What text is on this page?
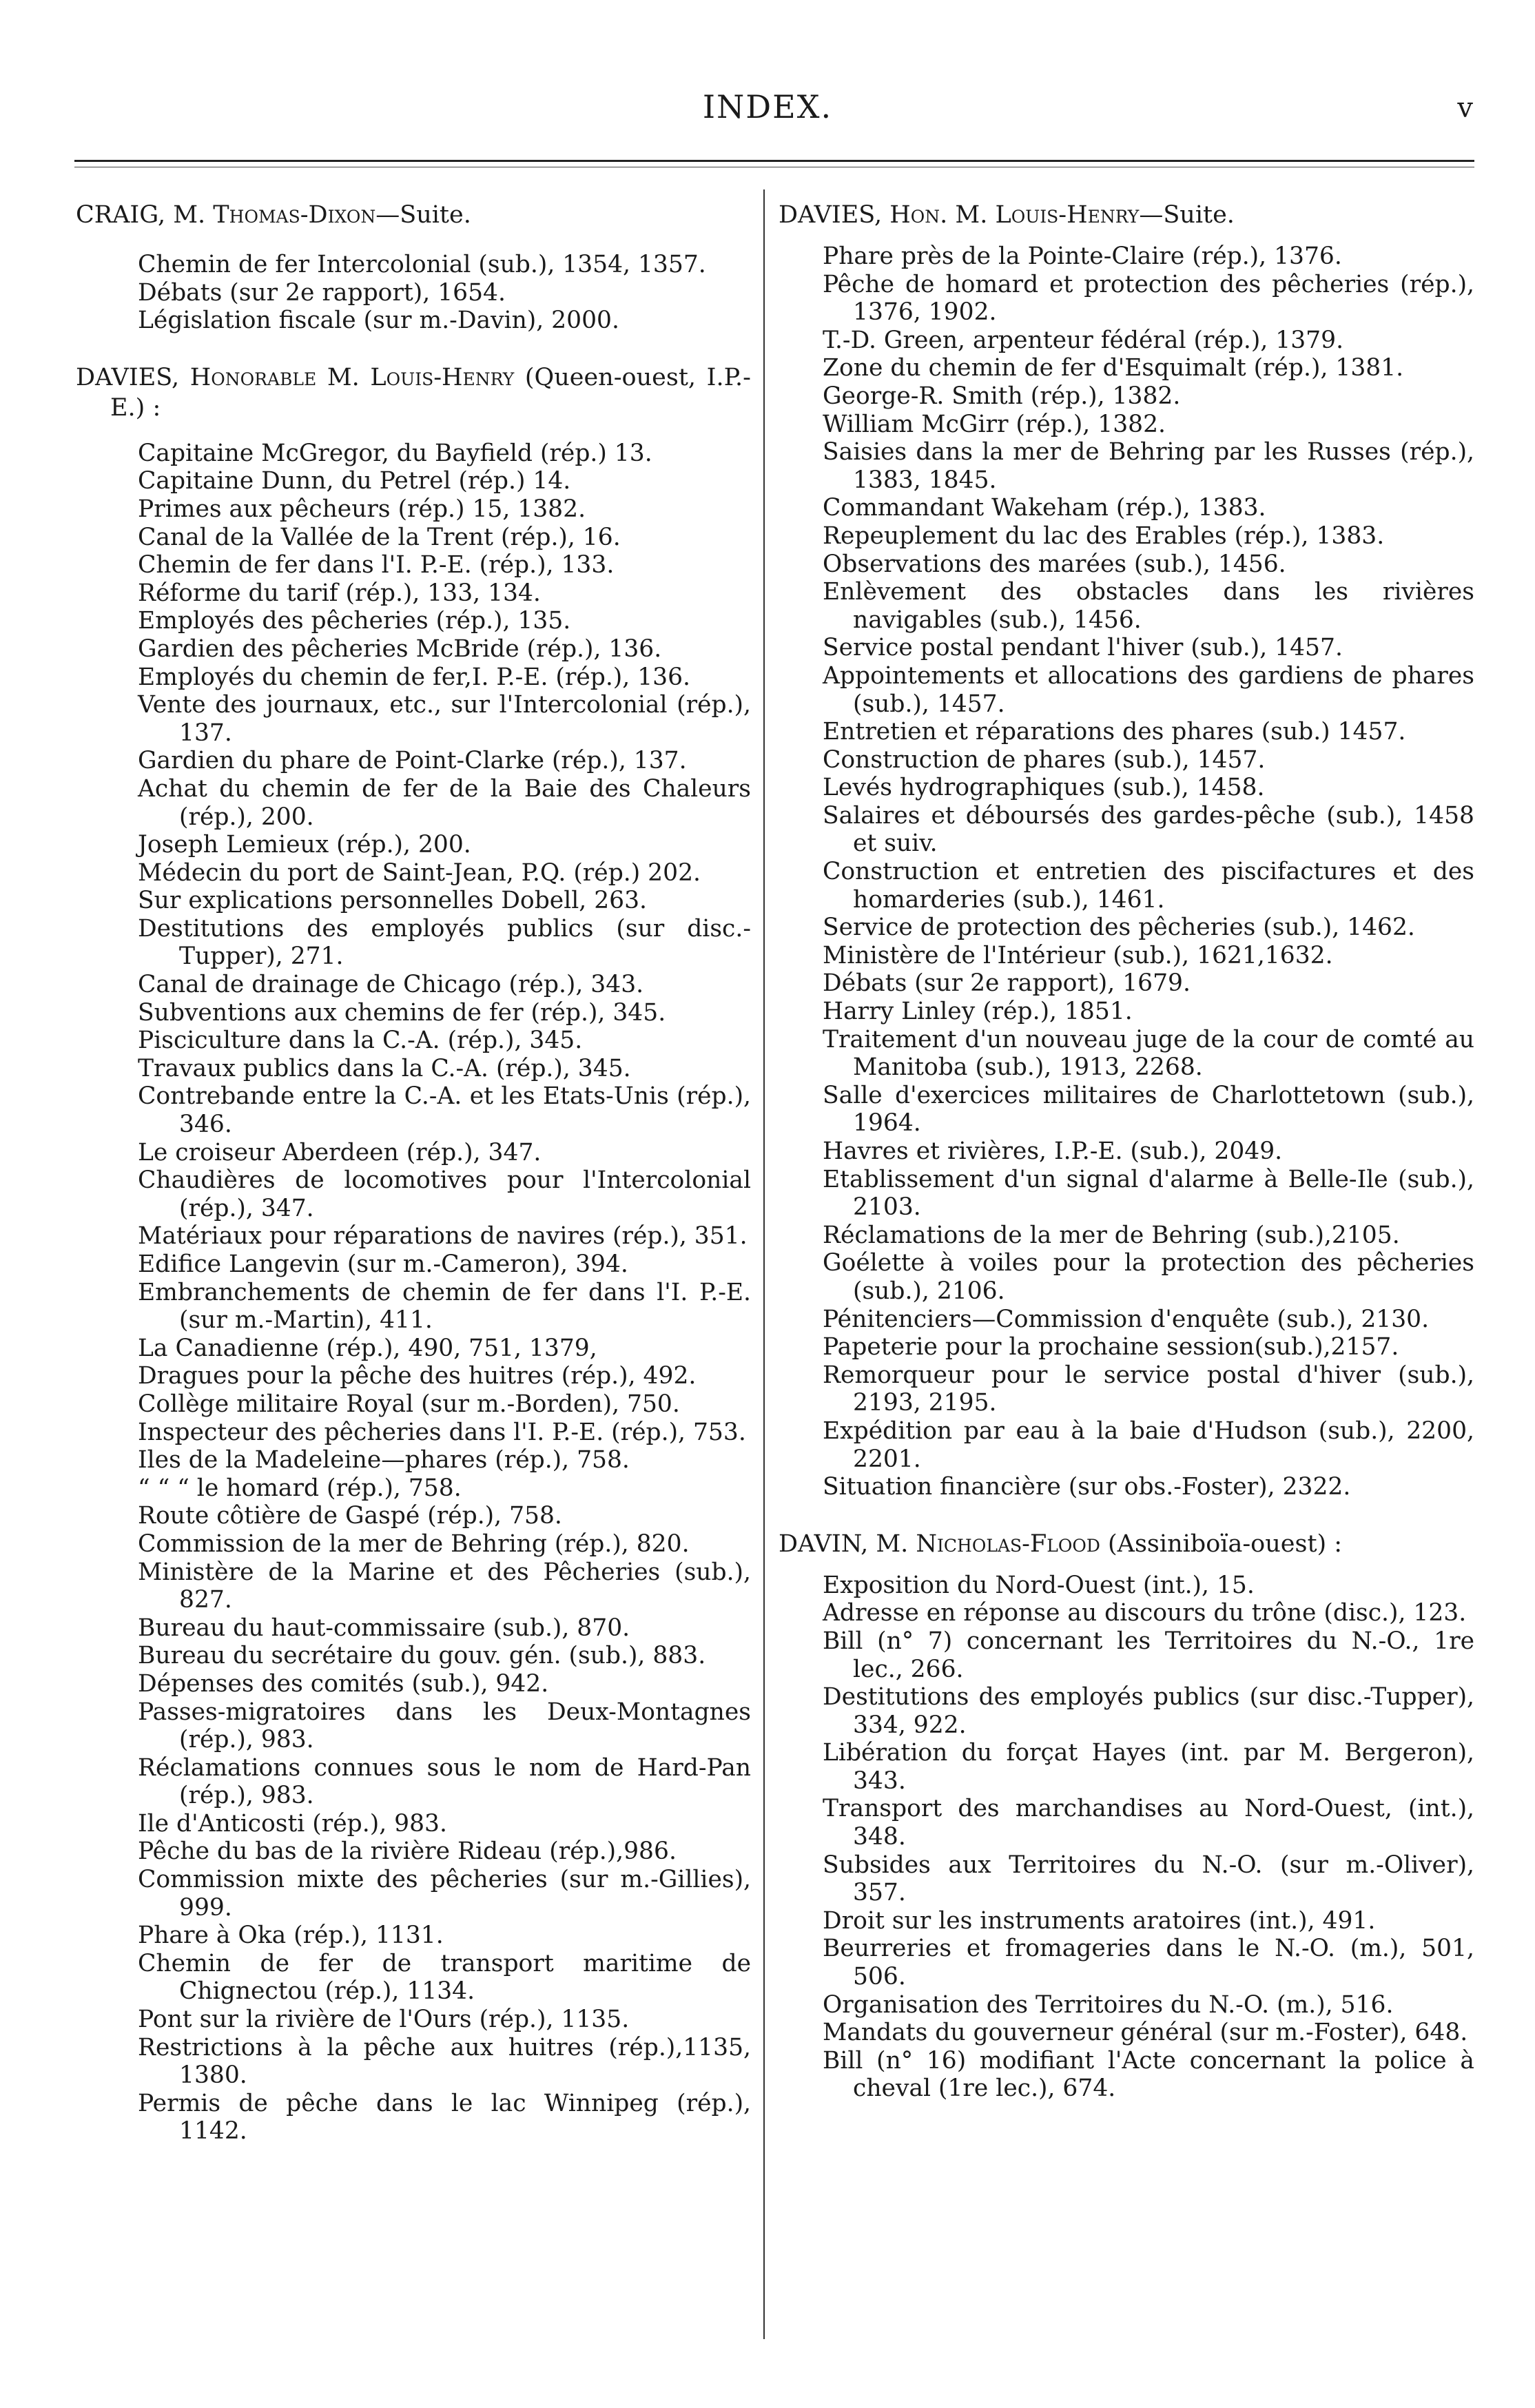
INDEX.	v

CRAIG, M. Thomas-Dixon—Suite.

Chemin de fer Intercolonial (sub.), 1354, 1357.

Débats (sur 2e rapport), 1654.

Législation fiscale (sur m.-Davin), 2000.

DAVIES, Honorable M. Louis-Henry (Queen-ouest, I.P.-E.) :

Capitaine McGregor, du Bayfield (rép.) 13.

Capitaine Dunn, du Petrel (rép.) 14.

Primes aux pêcheurs (rép.) 15, 1382.

Canal de la Vallée de la Trent (rép.), 16.

Chemin de fer dans l'I. P.-E. (rép.), 133.

Réforme du tarif (rép.), 133, 134.

Employés des pêcheries (rép.), 135.

Gardien des pêcheries McBride (rép.), 136.

Employés du chemin de fer,I. P.-E. (rép.), 136.

Vente des journaux, etc., sur l'Intercolonial (rép.), 137.

Gardien du phare de Point-Clarke (rép.), 137.

Achat du chemin de fer de la Baie des Chaleurs (rép.), 200.

Joseph Lemieux (rép.), 200.

Médecin du port de Saint-Jean, P.Q. (rép.) 202.

Sur explications personnelles Dobell, 263.

Destitutions des employés publics (sur disc.-Tupper), 271.

Canal de drainage de Chicago (rép.), 343.

Subventions aux chemins de fer (rép.), 345.

Pisciculture dans la C.-A. (rép.), 345.

Travaux publics dans la C.-A. (rép.), 345.

Contrebande entre la C.-A. et les Etats-Unis (rép.), 346.

Le croiseur Aberdeen (rép.), 347.

Chaudières de locomotives pour l'Intercolonial (rép.), 347.

Matériaux pour réparations de navires (rép.), 351.

Edifice Langevin (sur m.-Cameron), 394.

Embranchements de chemin de fer dans l'I. P.-E. (sur m.-Martin), 411.

La Canadienne (rép.), 490, 751, 1379,

Dragues pour la pêche des huitres (rép.), 492.

Collège militaire Royal (sur m.-Borden), 750.

Inspecteur des pêcheries dans l'I. P.-E. (rép.), 753.

Iles de la Madeleine—phares (rép.), 758.

“ “ “ le homard (rép.), 758.

Route côtière de Gaspé (rép.), 758.

Commission de la mer de Behring (rép.), 820.

Ministère de la Marine et des Pêcheries (sub.), 827.

Bureau du haut-commissaire (sub.), 870.

Bureau du secrétaire du gouv. gén. (sub.), 883.

Dépenses des comités (sub.), 942.

Passes-migratoires dans les Deux-Montagnes (rép.), 983.

Réclamations connues sous le nom de Hard-Pan (rép.), 983.

Ile d'Anticosti (rép.), 983.

Pêche du bas de la rivière Rideau (rép.),986.

Commission mixte des pêcheries (sur m.-Gillies), 999.

Phare à Oka (rép.), 1131.

Chemin de fer de transport maritime de Chignectou (rép.), 1134.

Pont sur la rivière de l'Ours (rép.), 1135.

Restrictions à la pêche aux huitres (rép.),1135, 1380.

Permis de pêche dans le lac Winnipeg (rép.), 1142.

DAVIES, Hon. M. Louis-Henry—Suite.

Phare près de la Pointe-Claire (rép.), 1376.

Pêche de homard et protection des pêcheries (rép.), 1376, 1902.

T.-D. Green, arpenteur fédéral (rép.), 1379.

Zone du chemin de fer d'Esquimalt (rép.), 1381.

George-R. Smith (rép.), 1382.

William McGirr (rép.), 1382.

Saisies dans la mer de Behring par les Russes (rép.), 1383, 1845.

Commandant Wakeham (rép.), 1383.

Repeuplement du lac des Erables (rép.), 1383.

Observations des marées (sub.), 1456.

Enlèvement des obstacles dans les rivières navigables (sub.), 1456.

Service postal pendant l'hiver (sub.), 1457.

Appointements et allocations des gardiens de phares (sub.), 1457.

Entretien et réparations des phares (sub.) 1457.

Construction de phares (sub.), 1457.

Levés hydrographiques (sub.), 1458.

Salaires et déboursés des gardes-pêche (sub.), 1458 et suiv.

Construction et entretien des piscifactures et des homarderies (sub.), 1461.

Service de protection des pêcheries (sub.), 1462.

Ministère de l'Intérieur (sub.), 1621,1632.

Débats (sur 2e rapport), 1679.

Harry Linley (rép.), 1851.

Traitement d'un nouveau juge de la cour de comté au Manitoba (sub.), 1913, 2268.

Salle d'exercices militaires de Charlottetown (sub.), 1964.

Havres et rivières, I.P.-E. (sub.), 2049.

Etablissement d'un signal d'alarme à Belle-Ile (sub.), 2103.

Réclamations de la mer de Behring (sub.),2105.

Goélette à voiles pour la protection des pêcheries (sub.), 2106.

Pénitenciers—Commission d'enquête (sub.), 2130.

Papeterie pour la prochaine session(sub.),2157.

Remorqueur pour le service postal d'hiver (sub.), 2193, 2195.

Expédition par eau à la baie d'Hudson (sub.), 2200, 2201.

Situation financière (sur obs.-Foster), 2322.

DAVIN, M. Nicholas-Flood (Assiniboïa-ouest) :

Exposition du Nord-Ouest (int.), 15.

Adresse en réponse au discours du trône (disc.), 123.

Bill (n° 7) concernant les Territoires du N.-O., 1re lec., 266.

Destitutions des employés publics (sur disc.-Tupper), 334, 922.

Libération du forçat Hayes (int. par M. Bergeron), 343.

Transport des marchandises au Nord-Ouest, (int.), 348.

Subsides aux Territoires du N.-O. (sur m.-Oliver), 357.

Droit sur les instruments aratoires (int.), 491.

Beurreries et fromageries dans le N.-O. (m.), 501, 506.

Organisation des Territoires du N.-O. (m.), 516.

Mandats du gouverneur général (sur m.-Foster), 648.

Bill (n° 16) modifiant l'Acte concernant la police à cheval (1re lec.), 674.
